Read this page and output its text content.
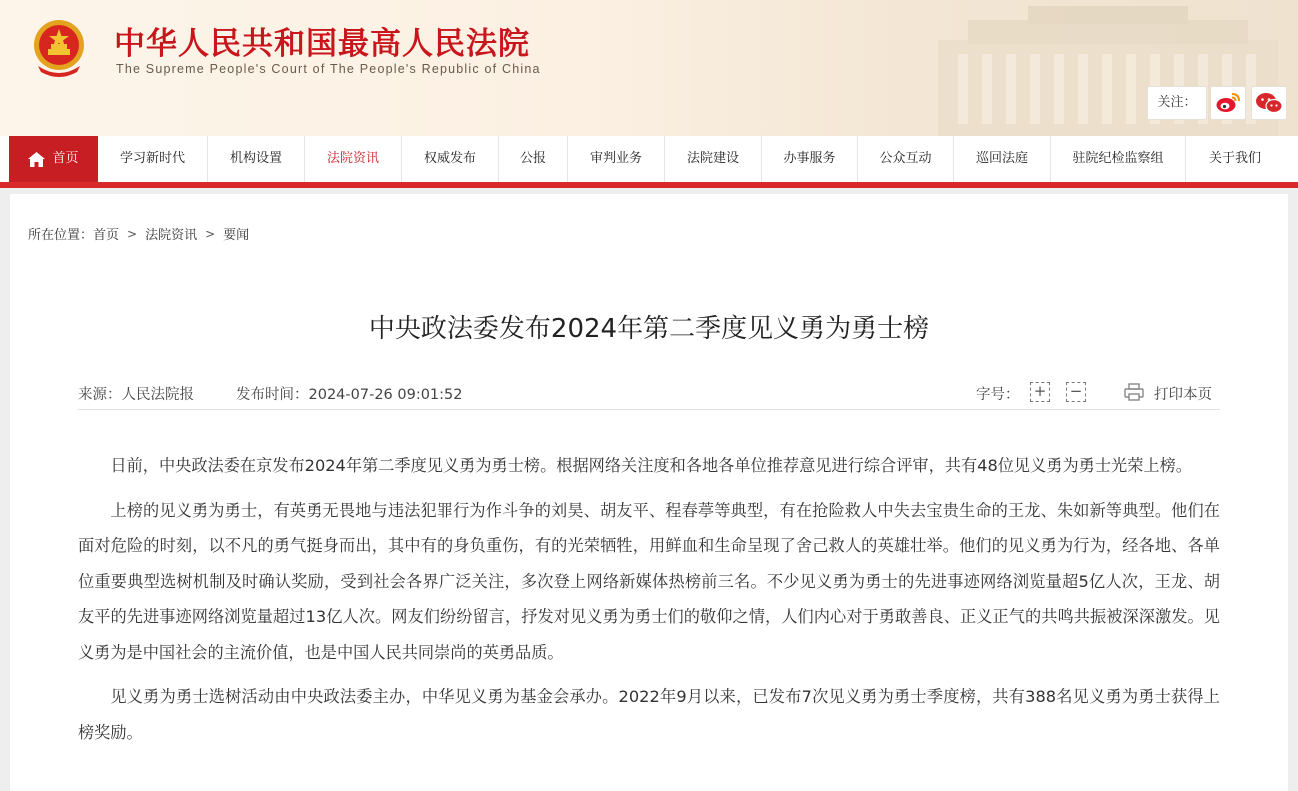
中华人民共和国最高人民法院
The Supreme People's Court of The People's Republic of China
关注：
首页	学习新时代	机构设置	法院资讯	权威发布	公报	审判业务	法院建设	办事服务	公众互动	巡回法庭	驻院纪检监察组	关于我们
所在位置： 首页 > 法院资讯 > 要闻
中央政法委发布2024年第二季度见义勇为勇士榜
来源：人民法院报	发布时间：2024-07-26 09:01:52	字号： + −	打印本页

日前，中央政法委在京发布2024年第二季度见义勇为勇士榜。根据网络关注度和各地各单位推荐意见进行综合评审，共有48位见义勇为勇士光荣上榜。

上榜的见义勇为勇士，有英勇无畏地与违法犯罪行为作斗争的刘昊、胡友平、程春葶等典型，有在抢险救人中失去宝贵生命的王龙、朱如新等典型。他们在面对危险的时刻，以不凡的勇气挺身而出，其中有的身负重伤，有的光荣牺牲，用鲜血和生命呈现了舍己救人的英雄壮举。他们的见义勇为行为，经各地、各单位重要典型选树机制及时确认奖励，受到社会各界广泛关注，多次登上网络新媒体热榜前三名。不少见义勇为勇士的先进事迹网络浏览量超5亿人次，王龙、胡友平的先进事迹网络浏览量超过13亿人次。网友们纷纷留言，抒发对见义勇为勇士们的敬仰之情，人们内心对于勇敢善良、正义正气的共鸣共振被深深激发。见义勇为是中国社会的主流价值，也是中国人民共同崇尚的英勇品质。

见义勇为勇士选树活动由中央政法委主办，中华见义勇为基金会承办。2022年9月以来，已发布7次见义勇为勇士季度榜，共有388名见义勇为勇士获得上榜奖励。
